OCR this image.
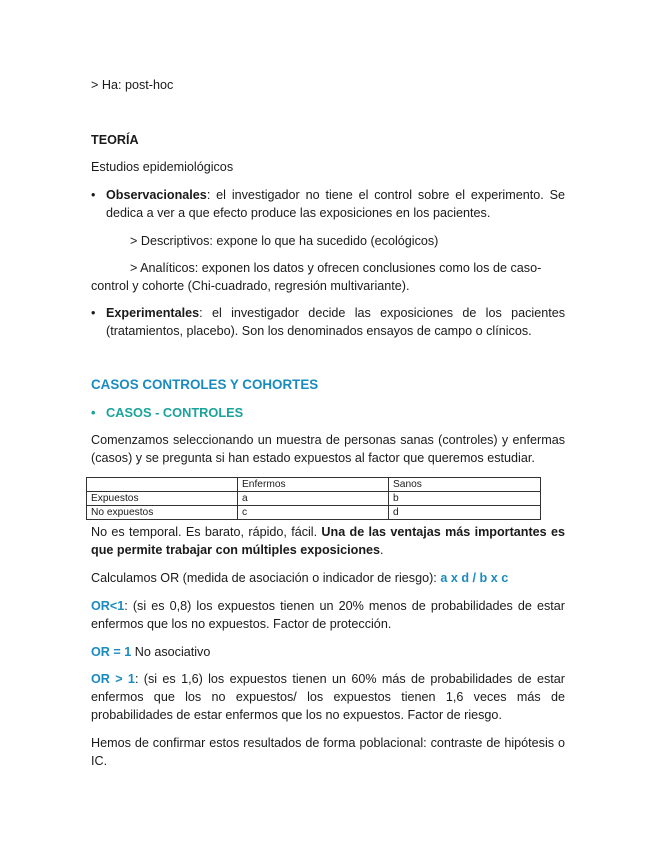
> Ha: post-hoc

TEORÍA

Estudios epidemiológicos

• Observacionales: el investigador no tiene el control sobre el experimento. Se dedica a ver a que efecto produce las exposiciones en los pacientes.

> Descriptivos: expone lo que ha sucedido (ecológicos)

> Analíticos: exponen los datos y ofrecen conclusiones como los de caso-

control y cohorte (Chi-cuadrado, regresión multivariante).

• Experimentales: el investigador decide las exposiciones de los pacientes (tratamientos, placebo). Son los denominados ensayos de campo o clínicos.

CASOS CONTROLES Y COHORTES

• CASOS - CONTROLES

Comenzamos seleccionando un muestra de personas sanas (controles) y enfermas (casos) y se pregunta si han estado expuestos al factor que queremos estudiar.

	Enfermos	Sanos
Expuestos	a	b
No expuestos	c	d

No es temporal. Es barato, rápido, fácil. Una de las ventajas más importantes es que permite trabajar con múltiples exposiciones.

Calculamos OR (medida de asociación o indicador de riesgo): a x d / b x c

OR<1: (si es 0,8) los expuestos tienen un 20% menos de probabilidades de estar enfermos que los no expuestos. Factor de protección.

OR = 1 No asociativo

OR > 1: (si es 1,6) los expuestos tienen un 60% más de probabilidades de estar enfermos que los no expuestos/ los expuestos tienen 1,6 veces más de probabilidades de estar enfermos que los no expuestos. Factor de riesgo.

Hemos de confirmar estos resultados de forma poblacional: contraste de hipótesis o IC.
